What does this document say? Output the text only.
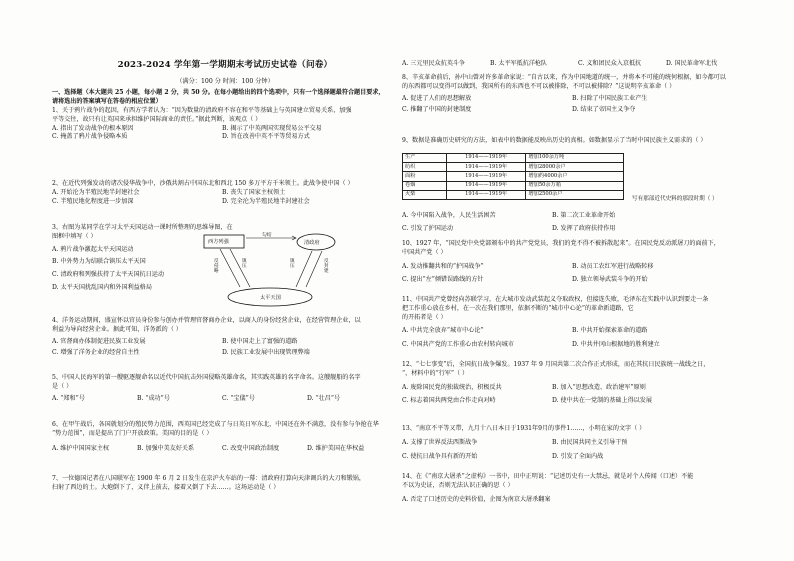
2023-2024 学年第一学期期末考试历史试卷（问卷）
（满分：100 分 时间：100 分钟）
一、选择题（本大题共 25 小题，每小题 2 分，共 50 分。在每小题给出的四个选项中，只有一个选择题最符合题目要求，
请将选出的答案填写在答卷的相应位置）
1、关于鸦片战争的起因，有西方学者认为：“因为数量的清政府不容在和平等基础上与英国建立贸易关系，加强
平等交往，故只有让英国来承担维护国际商业的责任。”据此判断，该观点（ ）
A. 指出了发动战争的根本原因	B. 揭示了中英两国实现贸易公平交易
C. 掩盖了鸦片战争侵略本质	D. 旨在改善中英不平等贸易方式
2、在近代列强发动的诸次侵华战争中，沙俄共割占中国东北和西北 150 多万平方千米领土。此战争使中国（ ）
A. 开始沦为半殖民地半封建社会	B. 丧失了国家主权领土
C. 半殖民地化程度进一步加深	D. 完全沦为半殖民地半封建社会
3、右图为某同学在学习太平天国运动一课时所整理的思维导图，在
图框中填写（ ）
A. 鸦片战争激起太平天国运动
B. 中外势力为结联合镇压太平天国
C. 清政府和列强扶持了太平天国抗日运动
D. 太平天国扰乱国内和外国利益格局
4、洋务运动期间，盛宣怀以官员身份参与创办并管理官督商办企业，以商人的身份经营企业，在经营管理企业，以
利益为导向经营企业。据此可知，洋务派的（ ）
A. 官督商办体制促进民族工业发展	B. 使中国走上了富强的道路
C. 增强了洋务企业的经营自主性	D. 民族工业发展中出现管理弊端
5、中国人民海军的第一艘驱逐舰命名以近代中国抗击外国侵略英雄命名，其实践英雄的名字命名。这艘舰船的名字
是（ ）
A. “郑和”号	B. “成功”号	C. “宝儀”号	D. “壮昌”号
6、在甲午战后，各国就划分的殖民势力范围，西英国已经完成了与日英日军东北，中国还在外不满意，没有参与争抢在华
“势力范围”，而是提出了门户开放政策。美国的目的是（ ）
A. 维护中国国家主权	B. 加强中美友好关系	C. 改变中国政治制度	D. 维护美国在华权益
7、一位德国记者在八国联军在 1900 年 6 月 2 日发生在京沪火车站的一幕：清政府打算向天津调兵的大刀和锻锅，
扫射了西边的土。大炮倒下了，义伴上前去，接着又倒了下去……。这场运动是（ ）
西方列强	清政府
太平天国
勾结
反侵略
镇压
镇压
反封建
A. 三元里民众抗英斗争	B. 太平军抵抗洋枪队	C. 义和团民众入京抵抗	D. 国民革命军北伐
8、辛亥革命前后，孙中山曾对许多革命家说：“自古以来，作为中国地道的统一，并将本不可能的统何根据，如今都可以
的东西都可以变得可以做到，我国所有的东西也不可以被排除，不可以被排除？”这说明辛亥革命（ ）
A. 促进了人们的思想解放	B. 扫除了中国民族工业产生
C. 推翻了中国的封建制度	D. 结束了帝国主义争夺
9、数据是准确历史研究的方法，如表中的数据能反映出历史的真相。如数据显示了当时中国民族主义需求的（ ）
生产	1914——1919年	增加100余万吨
纺织	1914——1919年	增加28000余户
面粉	1914——1919年	增加约4000余户
卷烟	1914——1919年	增加50余万箱
火柴	1914——1919年	增加2500余户
写有那部近代史料的那段时期（ ）
A. 今中国陷入战争，人民生活困苦	B. 第二次工业革命开始
C. 引发了护国运动	D. 发挥了政府扶持作用
10、1927 年，“国民党中央党部颁布中的共产党党员，我们的党不得不被拆散起来”。在国民党反动派屠刀的面前下，
中国共产党（ ）
A. 发动推翻共和的“护国战争”	B. 动员工农红军进行战略转移
C. 提出“左”倾错误路线的方针	D. 独立领导武装斗争的开始
11、中国共产党曾经向苏联学习，在大城市发动武装起义夺取政权，但接连失败，毛泽东在实践中认识到要走一条
把工作重心放在乡村，在一次在我们那里，依据不断的“城市中心论”的革命新道路，它
的开拓者是（ ）
A. 中共完全放弃“城市中心论”	B. 中共开始探索革命的道路
C. 中国共产党的工作重心由农村转向城市	D. 中共井冈山根据地的胜利建立
12、“七七事变”后，全国抗日战争爆发。1937 年 9 月国共第二次合作正式形成，而在其抗日民族统一战线之日，
“，材料中的“行军”（ ）
A. 废除国民党的独裁统治，积极反共	B. 加入“思想改造、政治建军”原则
C. 标志着国共两党由合作走向对峙	D. 使中共在一党制的基础上得以发展
13、“南京不平等又带，九月十八日本日于1931年9月的事件1……，小明在家的文字（ ）
A. 支撑了世界反法西斯战争	B. 由民国共同主义引导干预
C. 使抗日战争具有新的开始	D. 引发了全面内战
14、在《“南京大屠杀”之虚构》一书中，田中正明说：“记述历史有一大禁忌，就是对个人传闻（口述）不能
不以为史证，否则无法认识正确的思（ ）
A. 否定了口述历史的史料价值，企图为南京大屠杀翻案
